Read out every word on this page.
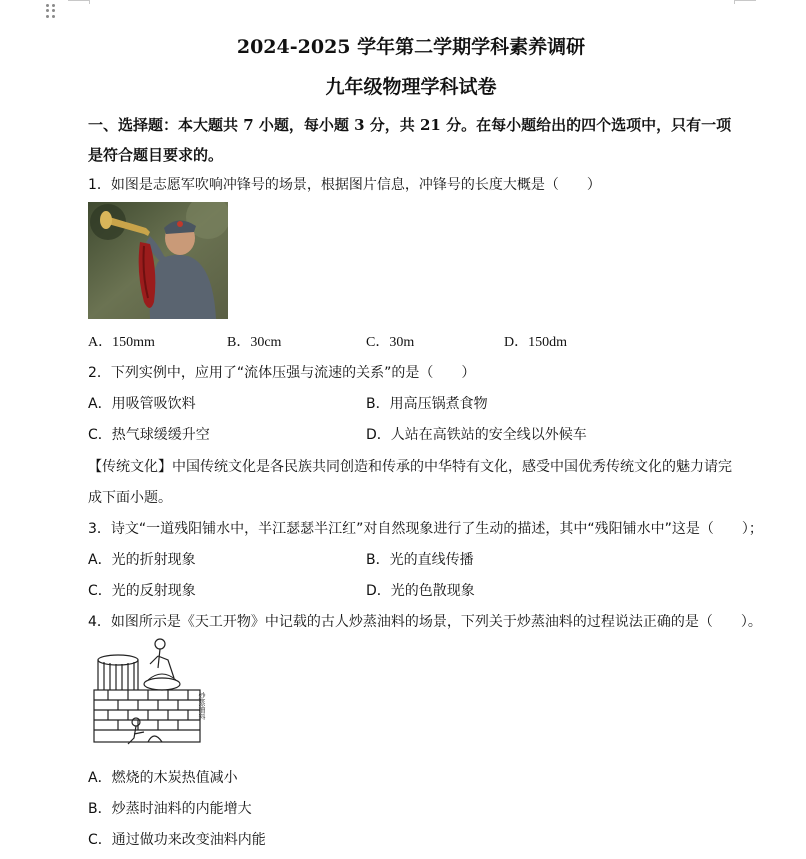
2024-2025 学年第二学期学科素养调研
九年级物理学科试卷

一、选择题：本大题共 7 小题，每小题 3 分，共 21 分。在每小题给出的四个选项中，只有一项是符合题目要求的。

1．如图是志愿军吹响冲锋号的场景，根据图片信息，冲锋号的长度大概是（　　）

A．150mm	B．30cm	C．30m	D．150dm

2．下列实例中，应用了“流体压强与流速的关系”的是（　　）

A．用吸管吸饮料	B．用高压锅煮食物
C．热气球缓缓升空	D．人站在高铁站的安全线以外候车

【传统文化】中国传统文化是各民族共同创造和传承的中华特有文化，感受中国优秀传统文化的魅力请完成下面小题。

3．诗文“一道残阳铺水中，半江瑟瑟半江红”对自然现象进行了生动的描述，其中“残阳铺水中”这是（　　）；

A．光的折射现象	B．光的直线传播
C．光的反射现象	D．光的色散现象

4．如图所示是《天工开物》中记载的古人炒蒸油料的场景，下列关于炒蒸油料的过程说法正确的是（　　）。

炒蒸油料
A．燃烧的木炭热值减小
B．炒蒸时油料的内能增大
C．通过做功来改变油料内能
